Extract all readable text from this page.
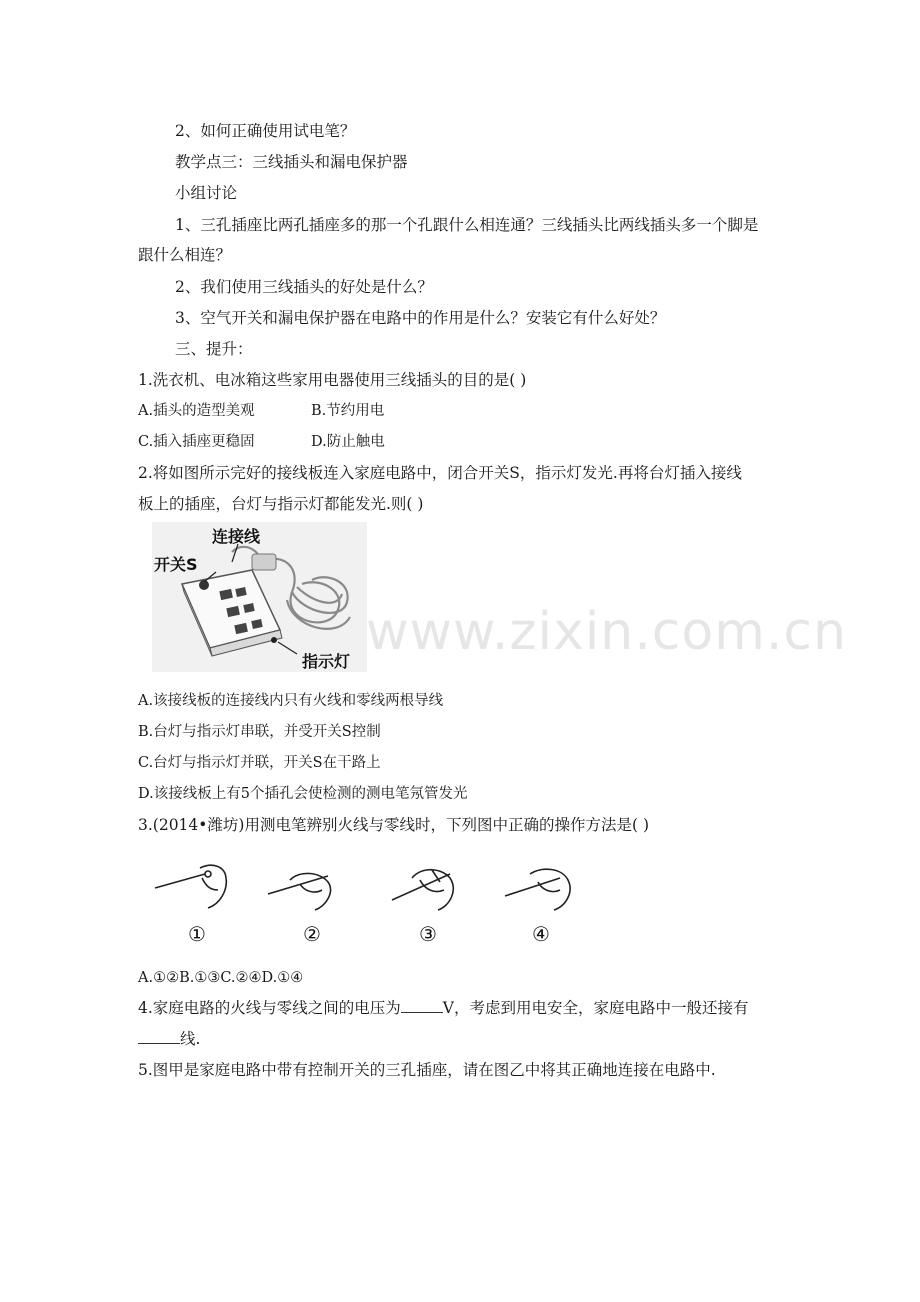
2、如何正确使用试电笔？
教学点三：三线插头和漏电保护器
小组讨论
1、三孔插座比两孔插座多的那一个孔跟什么相连通？三线插头比两线插头多一个脚是
跟什么相连？
2、我们使用三线插头的好处是什么？
3、空气开关和漏电保护器在电路中的作用是什么？安装它有什么好处？
三、提升：
1.洗衣机、电冰箱这些家用电器使用三线插头的目的是( )
A.插头的造型美观	B.节约用电
C.插入插座更稳固	D.防止触电
2.将如图所示完好的接线板连入家庭电路中，闭合开关S，指示灯发光.再将台灯插入接线
板上的插座，台灯与指示灯都能发光.则( )
连接线
开关S
指示灯 www.zixin.com.cn
A.该接线板的连接线内只有火线和零线两根导线
B.台灯与指示灯串联，并受开关S控制
C.台灯与指示灯并联，开关S在干路上
D.该接线板上有5个插孔会使检测的测电笔氖管发光
3.(2014•潍坊)用测电笔辨别火线与零线时，下列图中正确的操作方法是( )
①	②	③	④
A.①②B.①③C.②④D.①④
4.家庭电路的火线与零线之间的电压为	V，考虑到用电安全，家庭电路中一般还接有
线.
5.图甲是家庭电路中带有控制开关的三孔插座，请在图乙中将其正确地连接在电路中.
